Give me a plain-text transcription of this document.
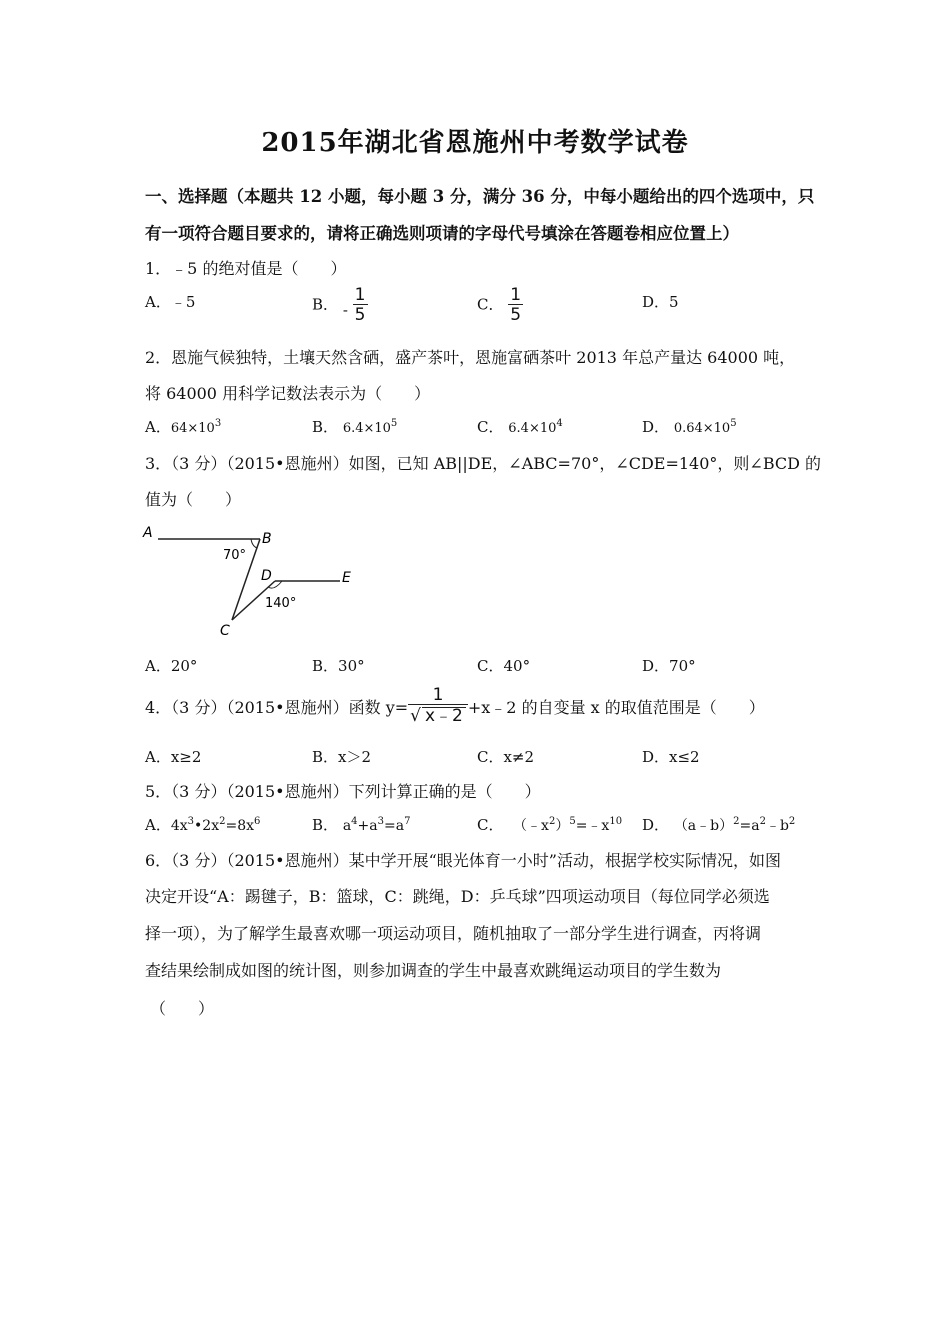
2015年湖北省恩施州中考数学试卷
一、选择题（本题共 12 小题，每小题 3 分，满分 36 分，中每小题给出的四个选项中，只
有一项符合题目要求的，请将正确选则项请的字母代号填涂在答题卷相应位置上）
1．﹣5 的绝对值是（　　）
A．﹣5	B． - $\frac{1}{5}$	C． $\frac{1}{5}$	D．5
2．恩施气候独特，土壤天然含硒，盛产茶叶，恩施富硒茶叶 2013 年总产量达 64000 吨，
将 64000 用科学记数法表示为（　　）
A．$64\times 10^3$	B． $6.4\times 10^5$	C． $6.4\times 10^4$	D． $0.64\times 10^5$
3．（3 分）（2015•恩施州）如图，已知 AB||DE，∠ABC=70°，∠CDE=140°，则∠BCD 的
值为（　　）
A	B
C
D	E
70°
140°
A．20°	B．30°	C．40°	D．70°
4．（3 分）（2015•恩施州）函数 $y= \frac{1}{√ x﹣2}$ +x﹣2 的自变量 x 的取值范围是（　　）
A．x≥2	B．x＞2	C．x≠2	D．x≤2
5．（3 分）（2015•恩施州）下列计算正确的是（　　）
A．$4x^3•2x^2=8x^6$	B． $a^4+a^3=a^7$	C． $(﹣x^2)^5=﹣x^{10}$ D． $(a﹣b)^2=a^2﹣b^2$
6．（3 分）（2015•恩施州）某中学开展“眼光体育一小时”活动，根据学校实际情况，如图
决定开设“A：踢毽子，B：篮球，C：跳绳，D：乒乓球”四项运动项目（每位同学必须选
择一项），为了解学生最喜欢哪一项运动项目，随机抽取了一部分学生进行调查，丙将调
查结果绘制成如图的统计图，则参加调查的学生中最喜欢跳绳运动项目的学生数为
（　　）
